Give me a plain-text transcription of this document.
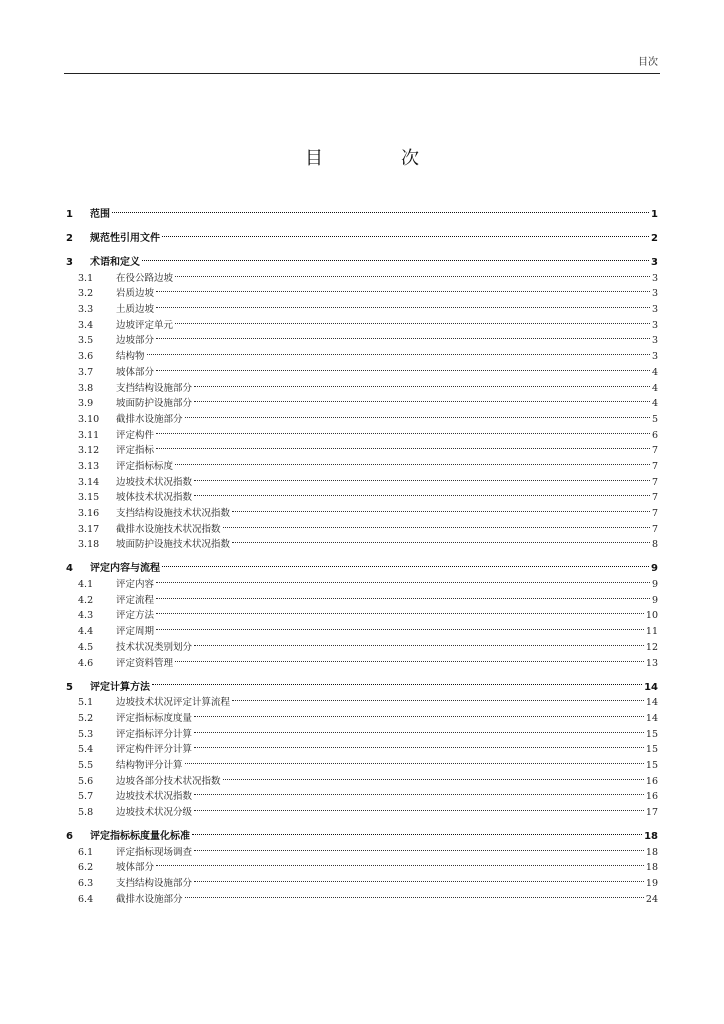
目次
目　次
1	范围	1
2	规范性引用文件	2
3	术语和定义	3
3.1	在役公路边坡	3
3.2	岩质边坡	3
3.3	土质边坡	3
3.4	边坡评定单元	3
3.5	边坡部分	3
3.6	结构物	3
3.7	坡体部分	4
3.8	支挡结构设施部分	4
3.9	坡面防护设施部分	4
3.10	截排水设施部分	5
3.11	评定构件	6
3.12	评定指标	7
3.13	评定指标标度	7
3.14	边坡技术状况指数	7
3.15	坡体技术状况指数	7
3.16	支挡结构设施技术状况指数	7
3.17	截排水设施技术状况指数	7
3.18	坡面防护设施技术状况指数	8
4	评定内容与流程	9
4.1	评定内容	9
4.2	评定流程	9
4.3	评定方法	10
4.4	评定周期	11
4.5	技术状况类别划分	12
4.6	评定资料管理	13
5	评定计算方法	14
5.1	边坡技术状况评定计算流程	14
5.2	评定指标标度度量	14
5.3	评定指标评分计算	15
5.4	评定构件评分计算	15
5.5	结构物评分计算	15
5.6	边坡各部分技术状况指数	16
5.7	边坡技术状况指数	16
5.8	边坡技术状况分级	17
6	评定指标标度量化标准	18
6.1	评定指标现场调查	18
6.2	坡体部分	18
6.3	支挡结构设施部分	19
6.4	截排水设施部分	24
